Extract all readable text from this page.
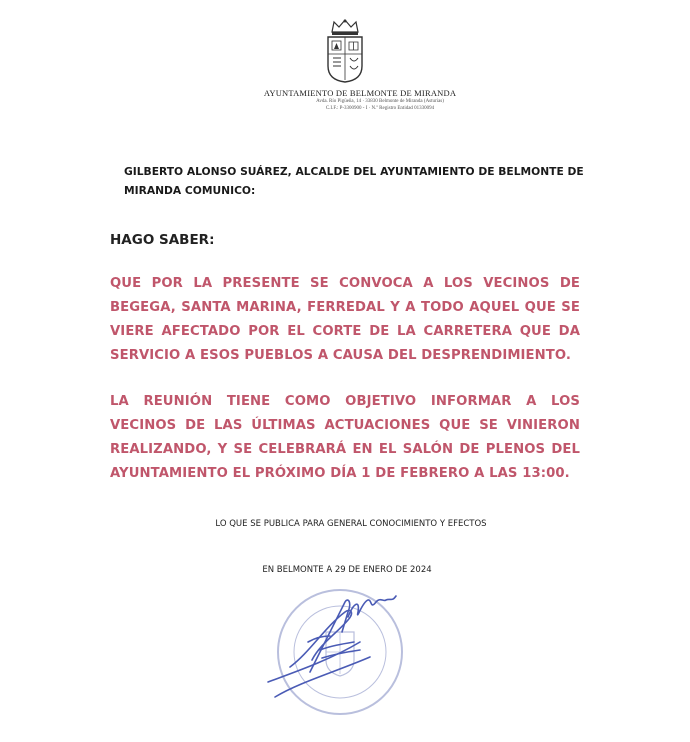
AYUNTAMIENTO DE BELMONTE DE MIRANDA
Avda. Río Pigüeña, 14 · 33830 Belmonte de Miranda (Asturias)
C.I.F.: P-3300900 - I · N.º Registro Entidad 01330094
GILBERTO ALONSO SUÁREZ, ALCALDE DEL AYUNTAMIENTO DE BELMONTE DE MIRANDA COMUNICO:
HAGO SABER:
QUE POR LA PRESENTE SE CONVOCA A LOS VECINOS DE BEGEGA, SANTA MARINA, FERREDAL Y A TODO AQUEL QUE SE VIERE AFECTADO POR EL CORTE DE LA CARRETERA QUE DA SERVICIO A ESOS PUEBLOS A CAUSA DEL DESPRENDIMIENTO.
LA REUNIÓN TIENE COMO OBJETIVO INFORMAR A LOS VECINOS DE LAS ÚLTIMAS ACTUACIONES QUE SE VINIERON REALIZANDO, Y SE CELEBRARÁ EN EL SALÓN DE PLENOS DEL AYUNTAMIENTO EL PRÓXIMO DÍA 1 DE FEBRERO A LAS 13:00.
LO QUE SE PUBLICA PARA GENERAL CONOCIMIENTO Y EFECTOS
EN BELMONTE A 29 DE ENERO DE 2024
